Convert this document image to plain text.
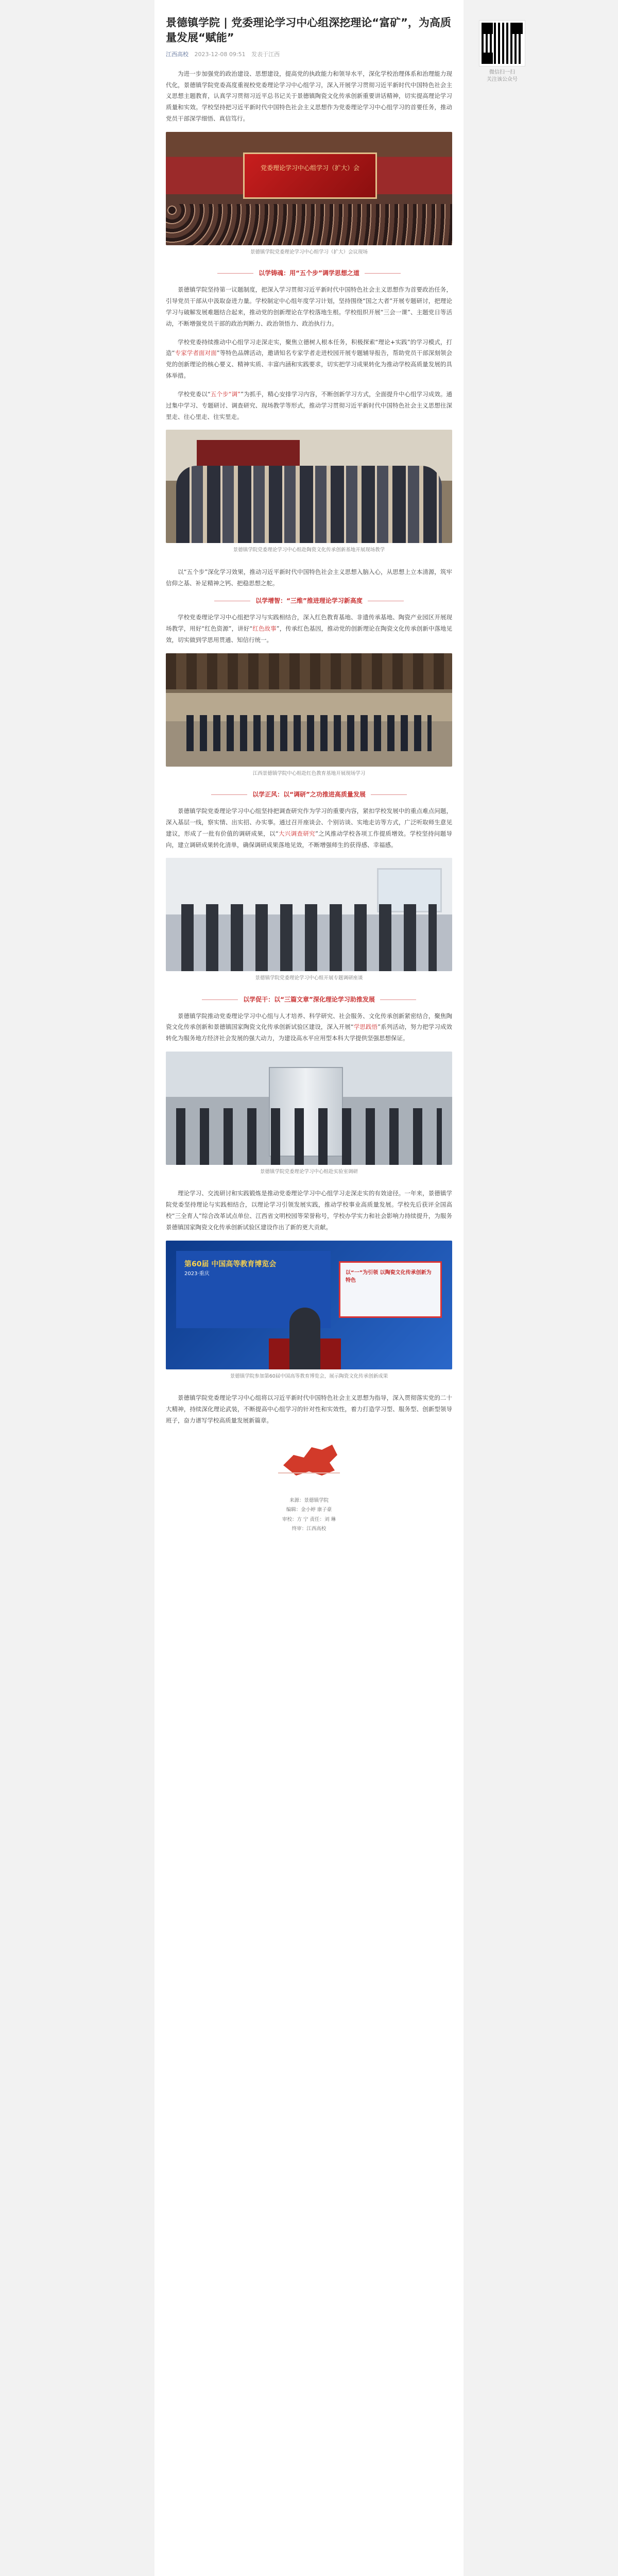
景德镇学院 | 党委理论学习中心组深挖理论“富矿”，为高质量发展“赋能”
江西高校 2023-12-08 09:51 发表于江西

为进一步加强党的政治建设、思想建设，提高党的执政能力和领导水平，深化学校治理体系和治理能力现代化，景德镇学院党委高度重视校党委理论学习中心组学习，深入开展学习贯彻习近平新时代中国特色社会主义思想主题教育，认真学习贯彻习近平总书记关于景德镇陶瓷文化传承创新重要讲话精神，切实提高理论学习质量和实效。学校坚持把习近平新时代中国特色社会主义思想作为党委理论学习中心组学习的首要任务，推动党员干部深学细悟、真信笃行。

党委理论学习中心组学习（扩大）会
景德镇学院党委理论学习中心组学习（扩大）会议现场
以学铸魂：用“五个步”调学思想之道

景德镇学院坚持第一议题制度，把深入学习贯彻习近平新时代中国特色社会主义思想作为首要政治任务，引导党员干部从中汲取奋进力量。学校制定中心组年度学习计划，坚持围绕“国之大者”开展专题研讨，把理论学习与破解发展难题结合起来，推动党的创新理论在学校落地生根。学校组织开展“三会一课”、主题党日等活动，不断增强党员干部的政治判断力、政治领悟力、政治执行力。

学校党委持续推动中心组学习走深走实，聚焦立德树人根本任务，积极探索“理论+实践”的学习模式，打造“专家学者面对面”等特色品牌活动，邀请知名专家学者走进校园开展专题辅导报告，帮助党员干部深刻领会党的创新理论的核心要义、精神实质、丰富内涵和实践要求，切实把学习成果转化为推动学校高质量发展的具体举措。

学校党委以“五个步“调””为抓手，精心安排学习内容，不断创新学习方式，全面提升中心组学习成效。通过集中学习、专题研讨、调查研究、现场教学等形式，推动学习贯彻习近平新时代中国特色社会主义思想往深里走、往心里走、往实里走。

景德镇学院党委理论学习中心组赴陶瓷文化传承创新基地开展现场教学

以“五个步”深化学习效果，推动习近平新时代中国特色社会主义思想入脑入心，从思想上立本清源，筑牢信仰之基、补足精神之钙、把稳思想之舵。

以学增智：“三维”推进理论学习新高度

学校党委理论学习中心组把学习与实践相结合，深入红色教育基地、非遗传承基地、陶瓷产业园区开展现场教学，用好“红色资源”，讲好“红色故事”，传承红色基因，推动党的创新理论在陶瓷文化传承创新中落地见效，切实做到学思用贯通、知信行统一。

江西景德镇学院中心组赴红色教育基地开展现场学习
以学正风：以“调研”之功推进高质量发展

景德镇学院党委理论学习中心组坚持把调查研究作为学习的重要内容，紧扣学校发展中的重点难点问题，深入基层一线，察实情、出实招、办实事。通过召开座谈会、个别访谈、实地走访等方式，广泛听取师生意见建议，形成了一批有价值的调研成果，以“大兴调查研究”之风推动学校各项工作提质增效。学校坚持问题导向，建立调研成果转化清单，确保调研成果落地见效，不断增强师生的获得感、幸福感。

景德镇学院党委理论学习中心组开展专题调研座谈
以学促干：以“三篇文章”深化理论学习助推发展

景德镇学院推动党委理论学习中心组与人才培养、科学研究、社会服务、文化传承创新紧密结合，聚焦陶瓷文化传承创新和景德镇国家陶瓷文化传承创新试验区建设，深入开展“学思践悟”系列活动，努力把学习成效转化为服务地方经济社会发展的强大动力，为建设高水平应用型本科大学提供坚强思想保证。

景德镇学院党委理论学习中心组赴实验室调研

理论学习、交流研讨和实践锻炼是推动党委理论学习中心组学习走深走实的有效途径。一年来，景德镇学院党委坚持理论与实践相结合，以理论学习引领发展实践，推动学校事业高质量发展。学校先后获评全国高校“三全育人”综合改革试点单位、江西省文明校园等荣誉称号，学校办学实力和社会影响力持续提升，为服务景德镇国家陶瓷文化传承创新试验区建设作出了新的更大贡献。

第60届 中国高等教育博览会
2023·重庆	以“一”为引领 以陶瓷文化传承创新为特色
景德镇学院参加第60届中国高等教育博览会，展示陶瓷文化传承创新成果

景德镇学院党委理论学习中心组将以习近平新时代中国特色社会主义思想为指导，深入贯彻落实党的二十大精神，持续深化理论武装，不断提高中心组学习的针对性和实效性，着力打造学习型、服务型、创新型领导班子，奋力谱写学校高质量发展新篇章。

来源：景德镇学院
编辑：金小婷 康子豪
审校：方 宁 责任：刘 琳
终审：江西高校
微信扫一扫
关注该公众号
